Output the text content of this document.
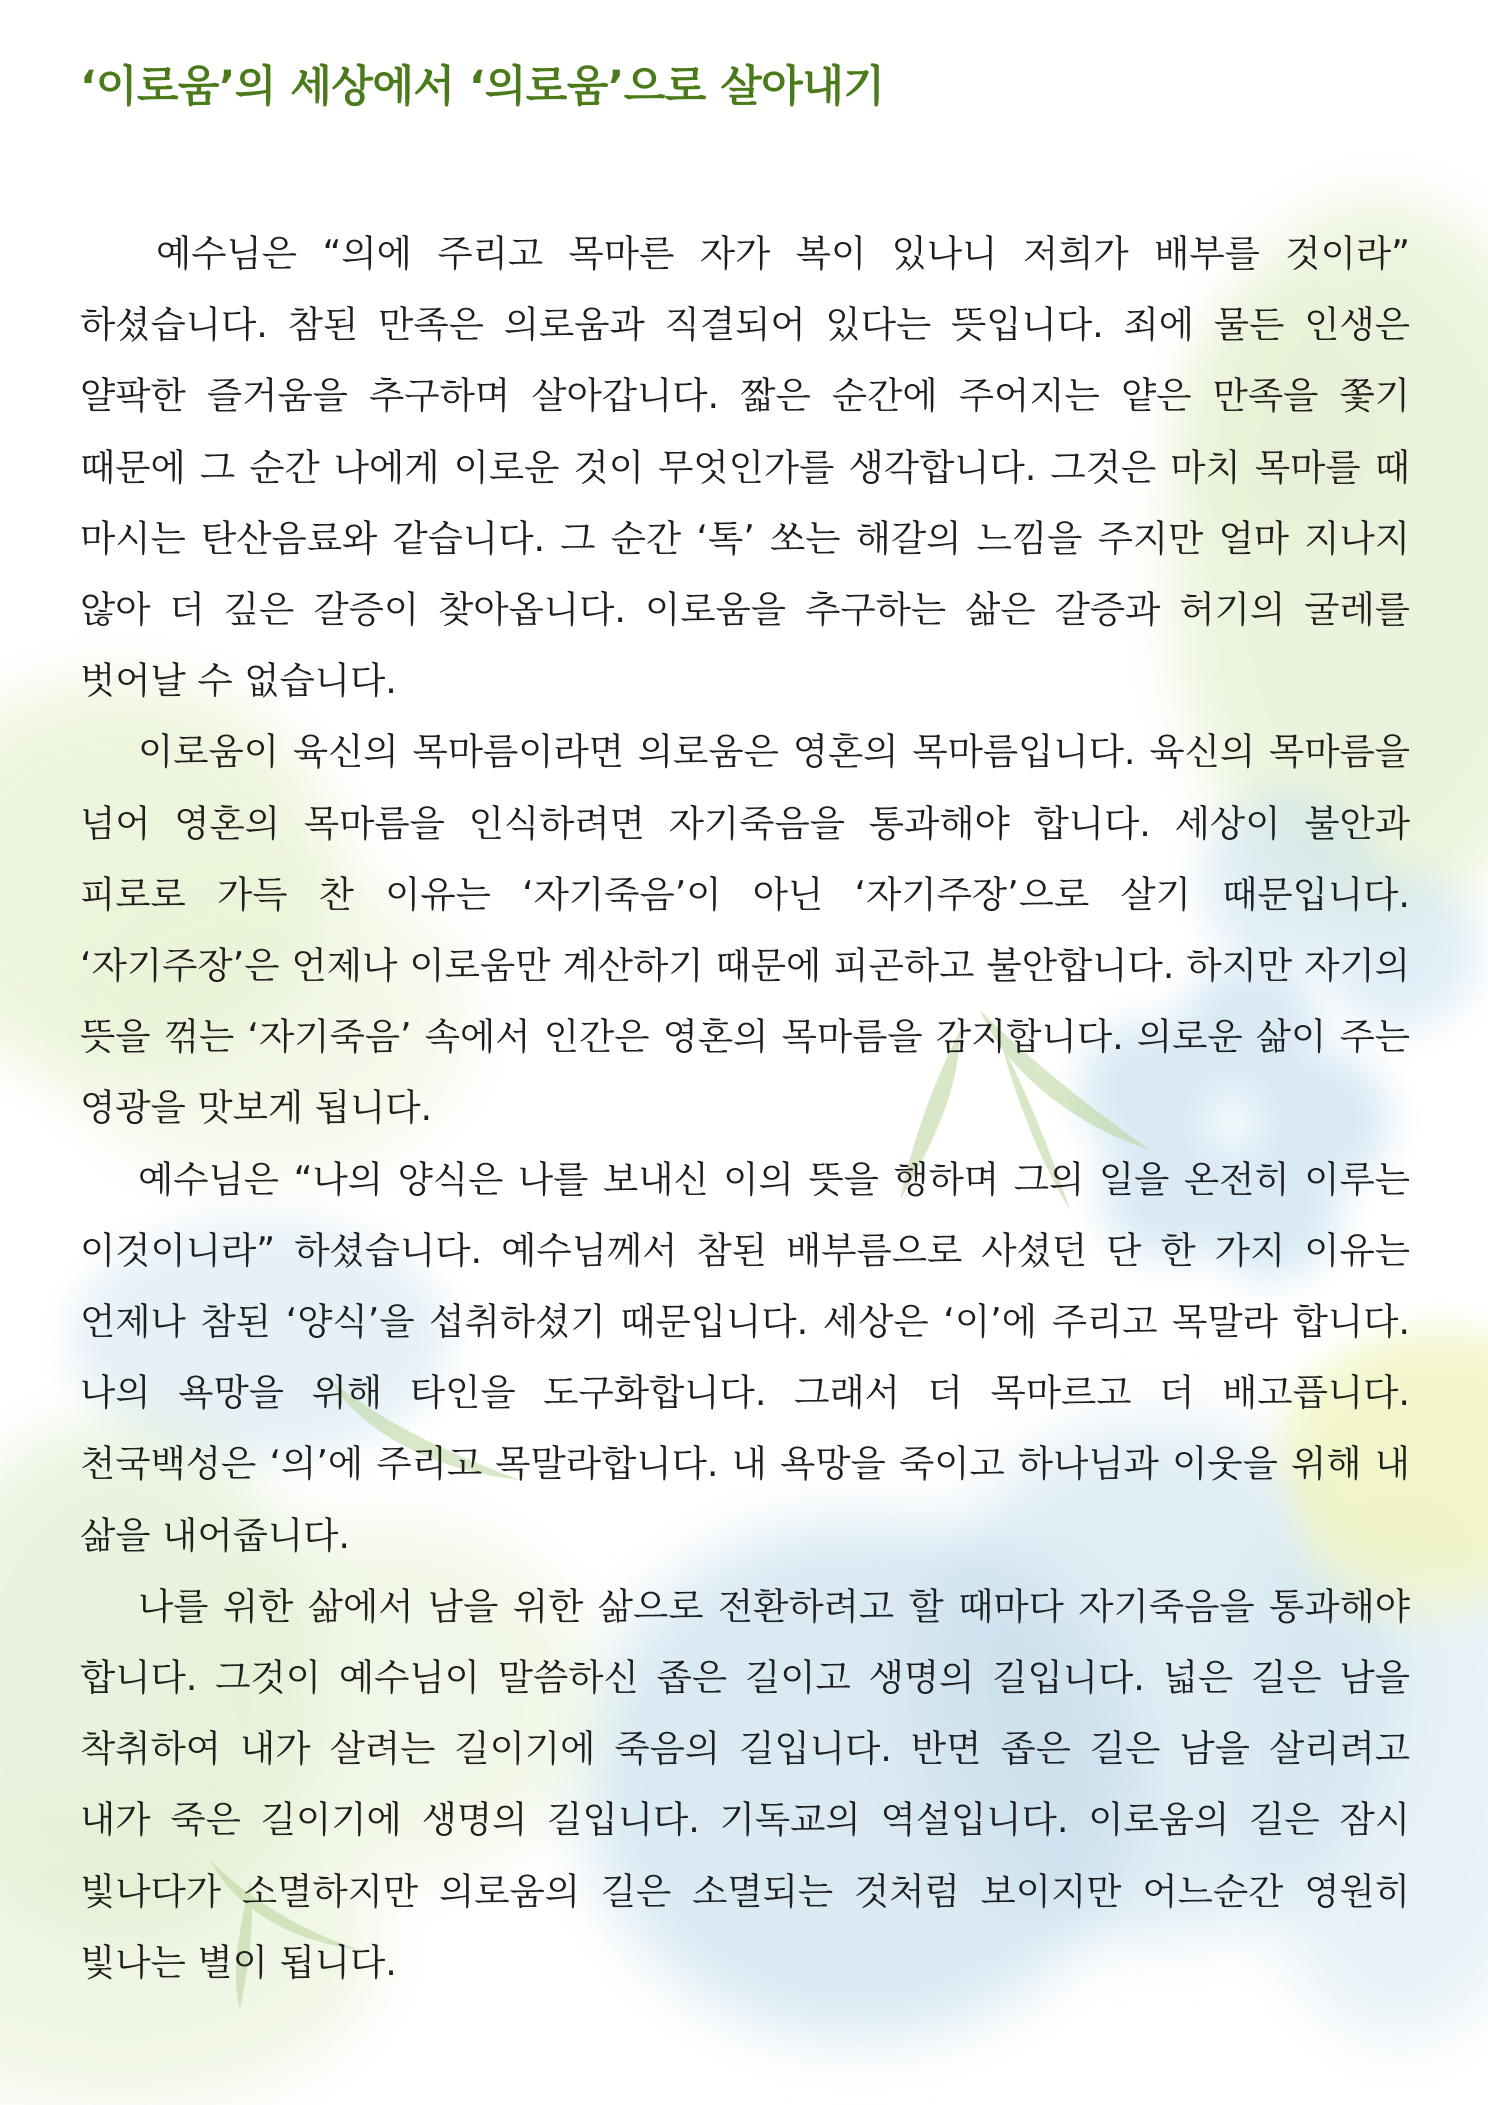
‘이로움’의 세상에서 ‘의로움’으로 살아내기

예수님은 “의에 주리고 목마른 자가 복이 있나니 저희가 배부를 것이라” 하셨습니다. 참된 만족은 의로움과 직결되어 있다는 뜻입니다. 죄에 물든 인생은 얄팍한 즐거움을 추구하며 살아갑니다. 짧은 순간에 주어지는 얕은 만족을 쫓기 때문에 그 순간 나에게 이로운 것이 무엇인가를 생각합니다. 그것은 마치 목마를 때 마시는 탄산음료와 같습니다. 그 순간 ‘톡’ 쏘는 해갈의 느낌을 주지만 얼마 지나지 않아 더 깊은 갈증이 찾아옵니다. 이로움을 추구하는 삶은 갈증과 허기의 굴레를 벗어날 수 없습니다.

이로움이 육신의 목마름이라면 의로움은 영혼의 목마름입니다. 육신의 목마름을 넘어 영혼의 목마름을 인식하려면 자기죽음을 통과해야 합니다. 세상이 불안과 피로로 가득 찬 이유는 ‘자기죽음’이 아닌 ‘자기주장’으로 살기 때문입니다. ‘자기주장’은 언제나 이로움만 계산하기 때문에 피곤하고 불안합니다. 하지만 자기의 뜻을 꺾는 ‘자기죽음’ 속에서 인간은 영혼의 목마름을 감지합니다. 의로운 삶이 주는 영광을 맛보게 됩니다.

예수님은 “나의 양식은 나를 보내신 이의 뜻을 행하며 그의 일을 온전히 이루는 이것이니라” 하셨습니다. 예수님께서 참된 배부름으로 사셨던 단 한 가지 이유는 언제나 참된 ‘양식’을 섭취하셨기 때문입니다. 세상은 ‘이’에 주리고 목말라 합니다. 나의 욕망을 위해 타인을 도구화합니다. 그래서 더 목마르고 더 배고픕니다. 천국백성은 ‘의’에 주리고 목말라합니다. 내 욕망을 죽이고 하나님과 이웃을 위해 내 삶을 내어줍니다.

나를 위한 삶에서 남을 위한 삶으로 전환하려고 할 때마다 자기죽음을 통과해야 합니다. 그것이 예수님이 말씀하신 좁은 길이고 생명의 길입니다. 넓은 길은 남을 착취하여 내가 살려는 길이기에 죽음의 길입니다. 반면 좁은 길은 남을 살리려고 내가 죽은 길이기에 생명의 길입니다. 기독교의 역설입니다. 이로움의 길은 잠시 빛나다가 소멸하지만 의로움의 길은 소멸되는 것처럼 보이지만 어느순간 영원히 빛나는 별이 됩니다.
